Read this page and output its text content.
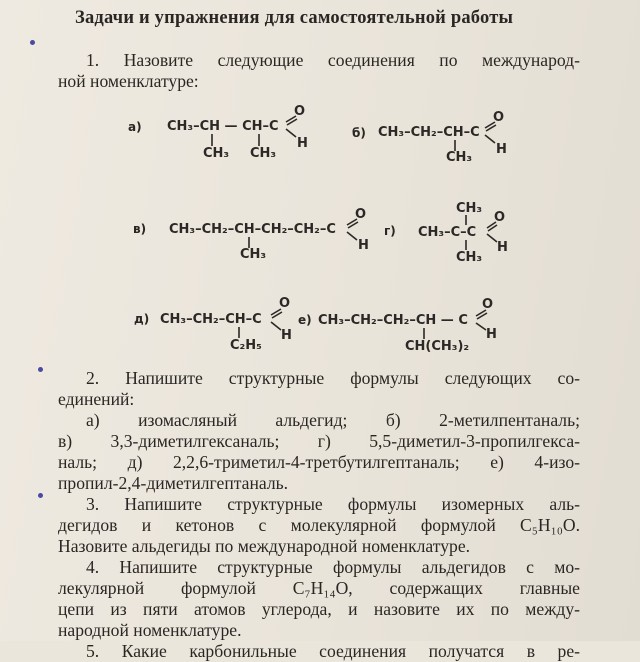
Задачи и упражнения для самостоятельной работы
1. Назовите следующие соединения по международ-
ной номенклатуре:
а) CH₃–CH — CH–C
CH₃ CH₃
O
H
б) CH₃–CH₂–CH–C
CH₃
O
H
в) CH₃–CH₂–CH–CH₂–CH₂–C
CH₃
O
H
г) CH₃–C–C
CH₃
CH₃
O
H
д) CH₃–CH₂–CH–C
C₂H₅
O
H
е) CH₃–CH₂–CH₂–CH — C
CH(CH₃)₂
O
H
2. Напишите структурные формулы следующих со-
единений:
а) изомасляный альдегид; б) 2-метилпентаналь;
в) 3,3-диметилгексаналь; г) 5,5-диметил-3-пропилгекса-
наль; д) 2,2,6-триметил-4-третбутилгептаналь; е) 4-изо-
пропил-2,4-диметилгептаналь.
3. Напишите структурные формулы изомерных аль-
дегидов и кетонов с молекулярной формулой C₅H₁₀O.
Назовите альдегиды по международной номенклатуре.
4. Напишите структурные формулы альдегидов с мо-
лекулярной формулой C₇H₁₄O, содержащих главные
цепи из пяти атомов углерода, и назовите их по между-
народной номенклатуре.
5. Какие карбонильные соединения получатся в ре-
